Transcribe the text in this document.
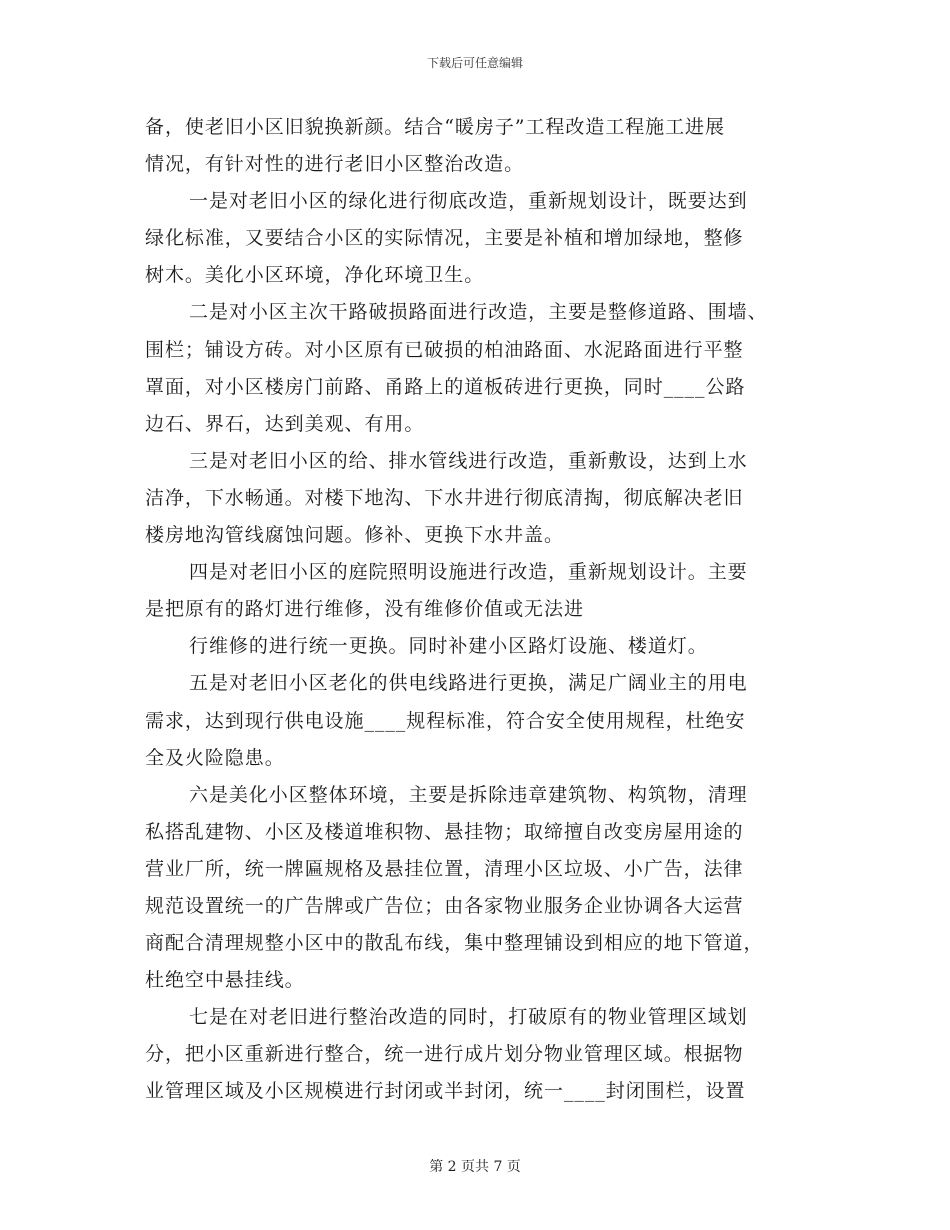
下载后可任意编辑
备，使老旧小区旧貌换新颜。结合“暖房子”工程改造工程施工进展
情况，有针对性的进行老旧小区整治改造。
一是对老旧小区的绿化进行彻底改造，重新规划设计，既要达到
绿化标准，又要结合小区的实际情况，主要是补植和增加绿地，整修
树木。美化小区环境，净化环境卫生。
二是对小区主次干路破损路面进行改造，主要是整修道路、围墙、
围栏；铺设方砖。对小区原有已破损的柏油路面、水泥路面进行平整
罩面，对小区楼房门前路、甬路上的道板砖进行更换，同时____公路
边石、界石，达到美观、有用。
三是对老旧小区的给、排水管线进行改造，重新敷设，达到上水
洁净，下水畅通。对楼下地沟、下水井进行彻底清掏，彻底解决老旧
楼房地沟管线腐蚀问题。修补、更换下水井盖。
四是对老旧小区的庭院照明设施进行改造，重新规划设计。主要
是把原有的路灯进行维修，没有维修价值或无法进
行维修的进行统一更换。同时补建小区路灯设施、楼道灯。
五是对老旧小区老化的供电线路进行更换，满足广阔业主的用电
需求，达到现行供电设施____规程标准，符合安全使用规程，杜绝安
全及火险隐患。
六是美化小区整体环境，主要是拆除违章建筑物、构筑物，清理
私搭乱建物、小区及楼道堆积物、悬挂物；取缔擅自改变房屋用途的
营业厂所，统一牌匾规格及悬挂位置，清理小区垃圾、小广告，法律
规范设置统一的广告牌或广告位；由各家物业服务企业协调各大运营
商配合清理规整小区中的散乱布线，集中整理铺设到相应的地下管道，
杜绝空中悬挂线。
七是在对老旧进行整治改造的同时，打破原有的物业管理区域划
分，把小区重新进行整合，统一进行成片划分物业管理区域。根据物
业管理区域及小区规模进行封闭或半封闭，统一____封闭围栏，设置
第 2 页共 7 页
